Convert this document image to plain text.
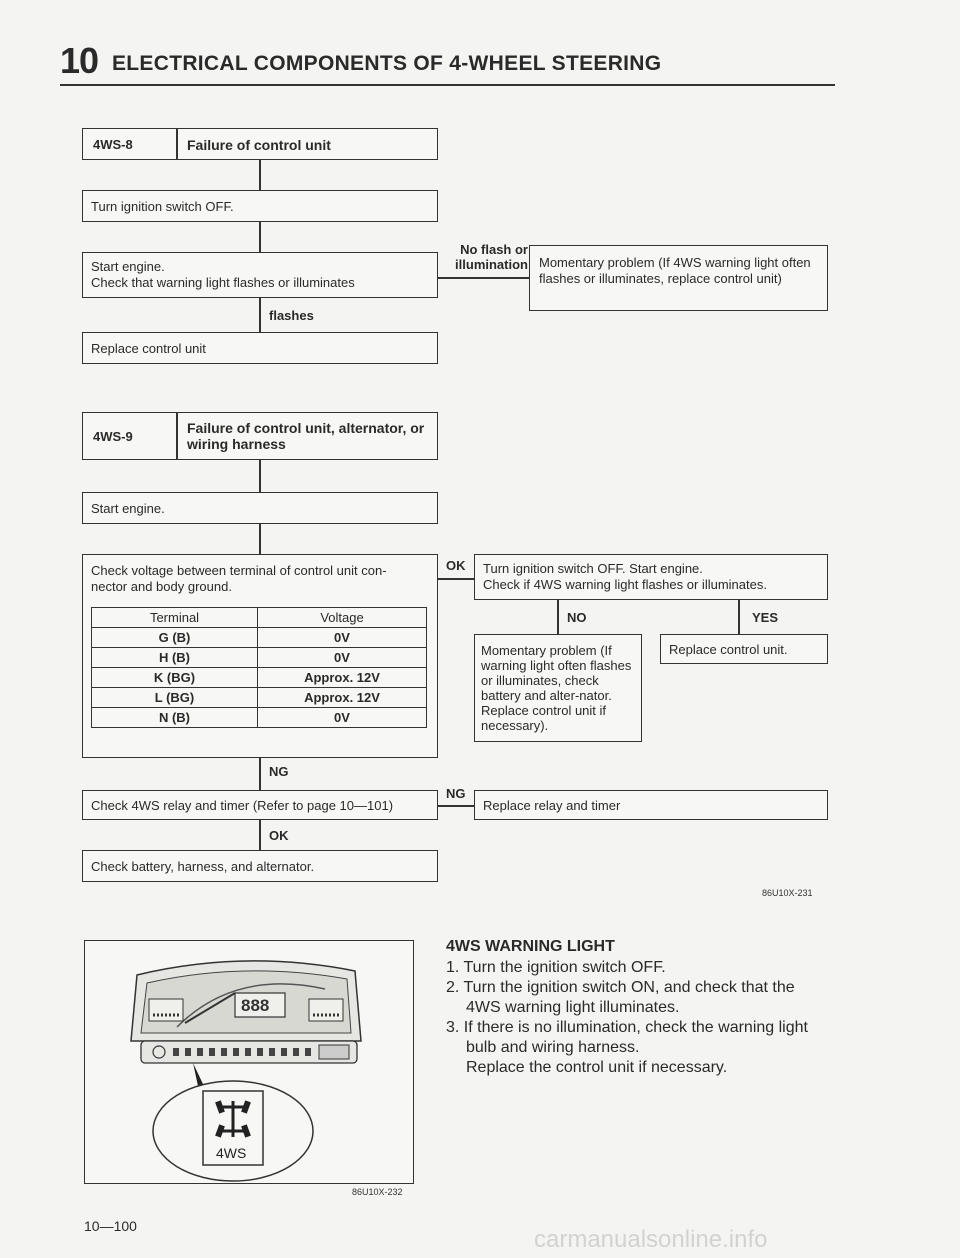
10 ELECTRICAL COMPONENTS OF 4-WHEEL STEERING
4WS-8	Failure of control unit
Turn ignition switch OFF.
Start engine.
Check that warning light flashes or illuminates
No flash or illumination Momentary problem (If 4WS warning light often flashes or illuminates, replace control unit)
flashes
Replace control unit
4WS-9
Failure of control unit, alternator, or wiring harness
Start engine.
Check voltage between terminal of control unit con-nector and body ground.
Terminal	Voltage
G (B)	0V
H (B)	0V
K (BG)	Approx. 12V
L (BG)	Approx. 12V
N (B)	0V
OK Turn ignition switch OFF. Start engine.
Check if 4WS warning light flashes or illuminates.
NO	YES
Momentary problem (If warning light often flashes or illuminates, check battery and alter-nator. Replace control unit if necessary).
Replace control unit.
NG
Check 4WS relay and timer (Refer to page 10—101)
NG
Replace relay and timer
OK
Check battery, harness, and alternator.
86U10X-231
888
4WS
86U10X-232
4WS WARNING LIGHT
1. Turn the ignition switch OFF.
2. Turn the ignition switch ON, and check that the
4WS warning light illuminates.
3. If there is no illumination, check the warning light
bulb and wiring harness.
Replace the control unit if necessary.
10—100	carmanualsonline.info
